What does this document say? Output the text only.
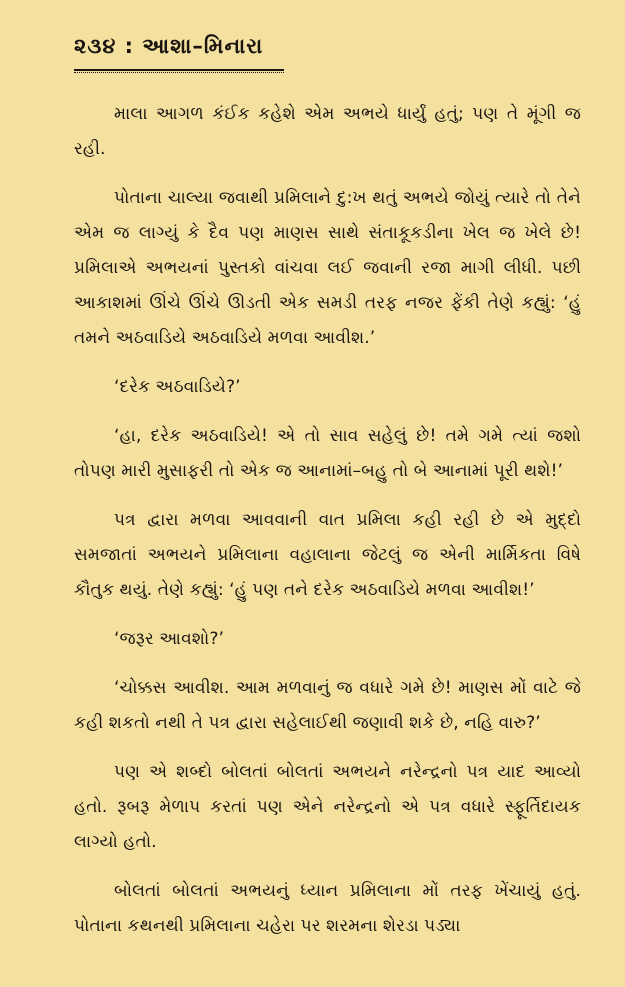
૨૩૪ : આશા–મિનારા

માલા આગળ કંઈક કહેશે એમ અભયે ધાર્યું હતું; પણ તે મૂંગી જ રહી.

પોતાના ચાલ્યા જવાથી પ્રમિલાને દુ:ખ થતું અભયે જોયું ત્યારે તો તેને એમ જ લાગ્યું કે દૈવ પણ માણસ સાથે સંતાકૂકડીના ખેલ જ ખેલે છે! પ્રમિલાએ અભયનાં પુસ્તકો વાંચવા લઈ જવાની રજા માગી લીધી. પછી આકાશમાં ઊંચે ઊંચે ઊડતી એક સમડી તરફ નજર ફેંકી તેણે કહ્યું: ‘હું તમને અઠવાડિયે અઠવાડિયે મળવા આવીશ.’

‘દરેક અઠવાડિયે?’

‘હા, દરેક અઠવાડિયે! એ તો સાવ સહેલું છે! તમે ગમે ત્યાં જશો તોપણ મારી મુસાફરી તો એક જ આનામાં–બહુ તો બે આનામાં પૂરી થશે!’

પત્ર દ્વારા મળવા આવવાની વાત પ્રમિલા કહી રહી છે એ મુદ્દો સમજાતાં અભયને પ્રમિલાના વહાલાના જેટલું જ એની માર્મિકતા વિષે કૌતુક થયું. તેણે કહ્યું: ‘હું પણ તને દરેક અઠવાડિયે મળવા આવીશ!’

‘જરૂર આવશો?’

‘ચોક્કસ આવીશ. આમ મળવાનું જ વધારે ગમે છે! માણસ મોં વાટે જે કહી શકતો નથી તે પત્ર દ્વારા સહેલાઈથી જણાવી શકે છે, નહિ વારુ?’

પણ એ શબ્દો બોલતાં બોલતાં અભયને નરેન્દ્રનો પત્ર યાદ આવ્યો હતો. રૂબરૂ મેળાપ કરતાં પણ એને નરેન્દ્રનો એ પત્ર વધારે સ્ફૂર્તિદાયક લાગ્યો હતો.

બોલતાં બોલતાં અભયનું ધ્યાન પ્રમિલાના મોં તરફ ખેંચાયું હતું. પોતાના કથનથી પ્રમિલાના ચહેરા પર શરમના શેરડા પડ્યા
